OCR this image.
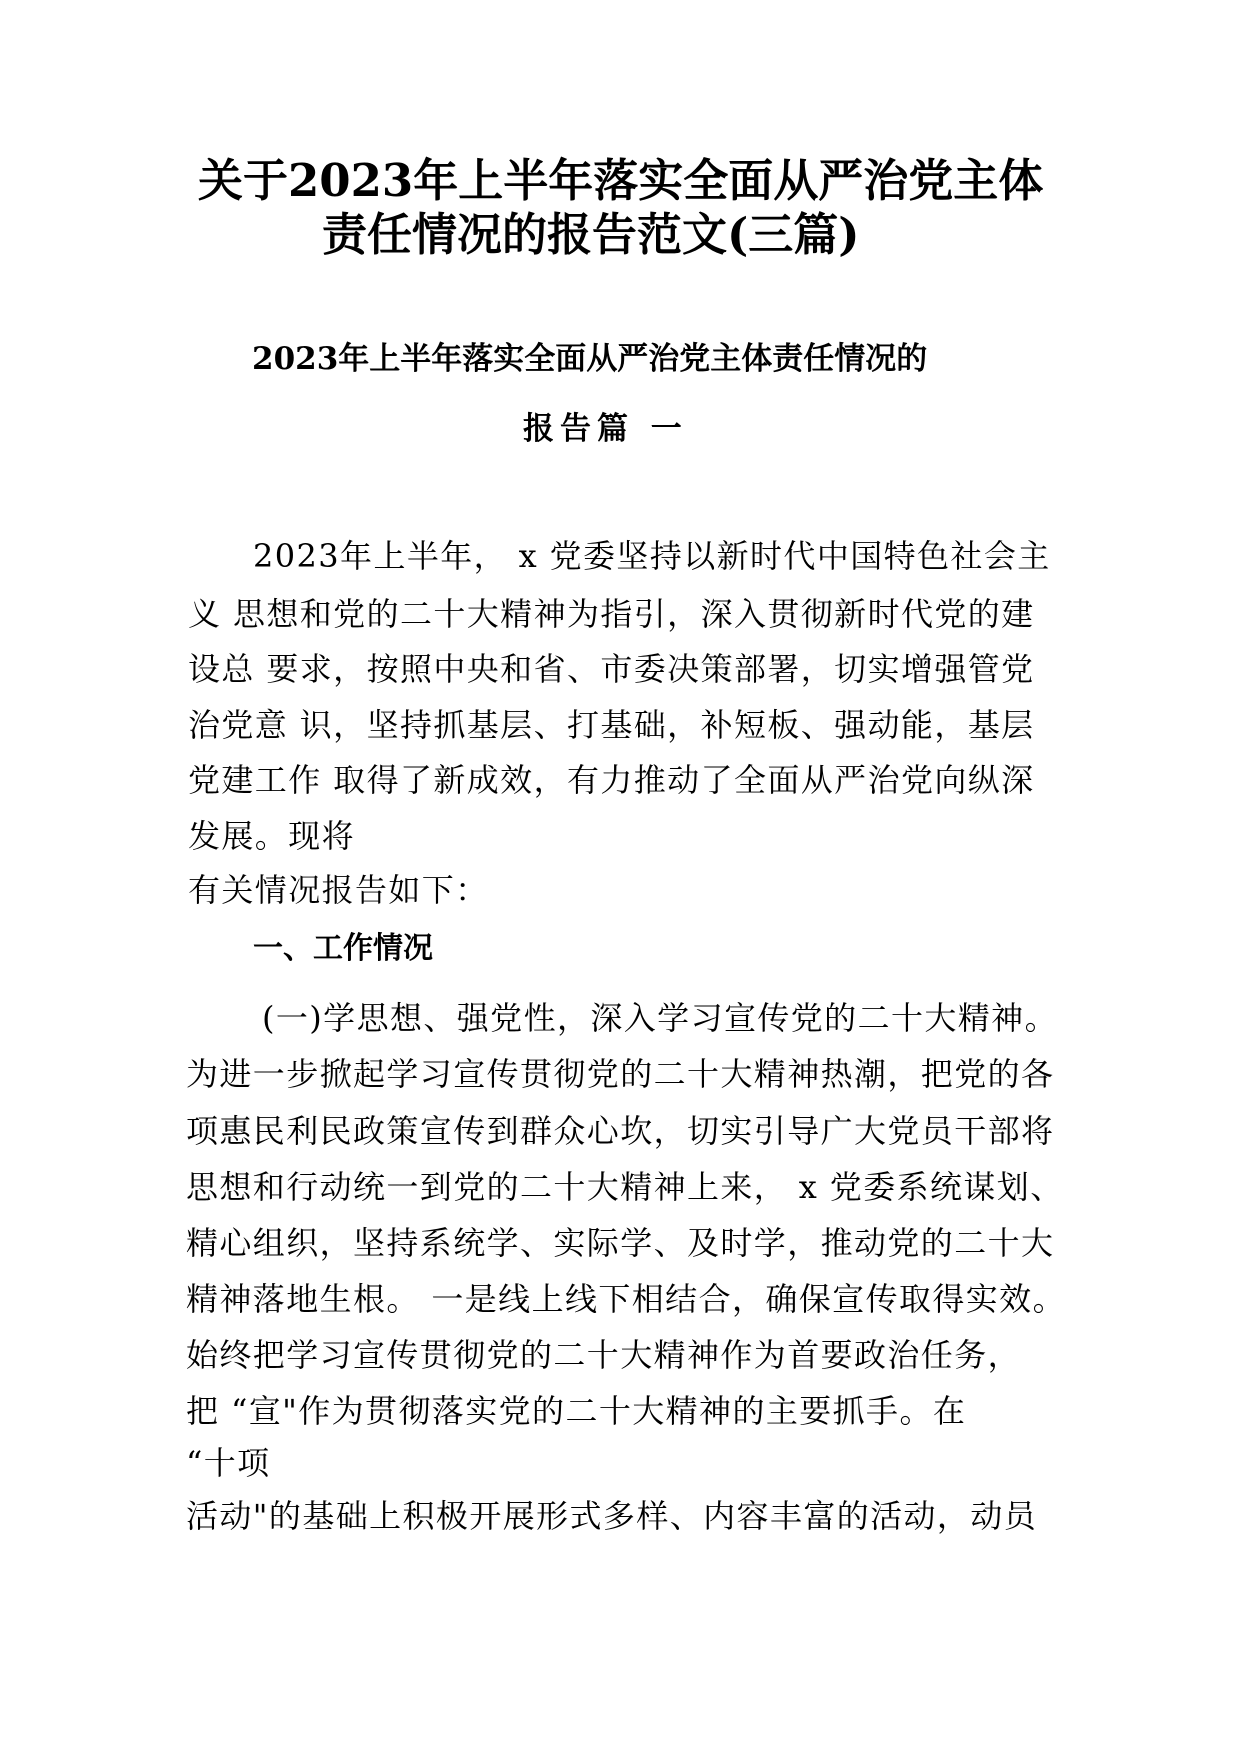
关于2023年上半年落实全面从严治党主体
责任情况的报告范文(三篇)
2023年上半年落实全面从严治党主体责任情况的
报告篇 一
2023年上半年， x 党委坚持以新时代中国特色社会主
义 思想和党的二十大精神为指引，深入贯彻新时代党的建
设总 要求，按照中央和省、市委决策部署，切实增强管党
治党意 识，坚持抓基层、打基础，补短板、强动能，基层
党建工作 取得了新成效，有力推动了全面从严治党向纵深
发展。现将
有关情况报告如下：
一、工作情况
(一)学思想、强党性，深入学习宣传党的二十大精神。
为进一步掀起学习宣传贯彻党的二十大精神热潮，把党的各
项惠民利民政策宣传到群众心坎，切实引导广大党员干部将
思想和行动统一到党的二十大精神上来， x 党委系统谋划、
精心组织，坚持系统学、实际学、及时学，推动党的二十大
精神落地生根。 一是线上线下相结合，确保宣传取得实效。
始终把学习宣传贯彻党的二十大精神作为首要政治任务，
把 “宣"作为贯彻落实党的二十大精神的主要抓手。在
“十项
活动"的基础上积极开展形式多样、内容丰富的活动，动员
